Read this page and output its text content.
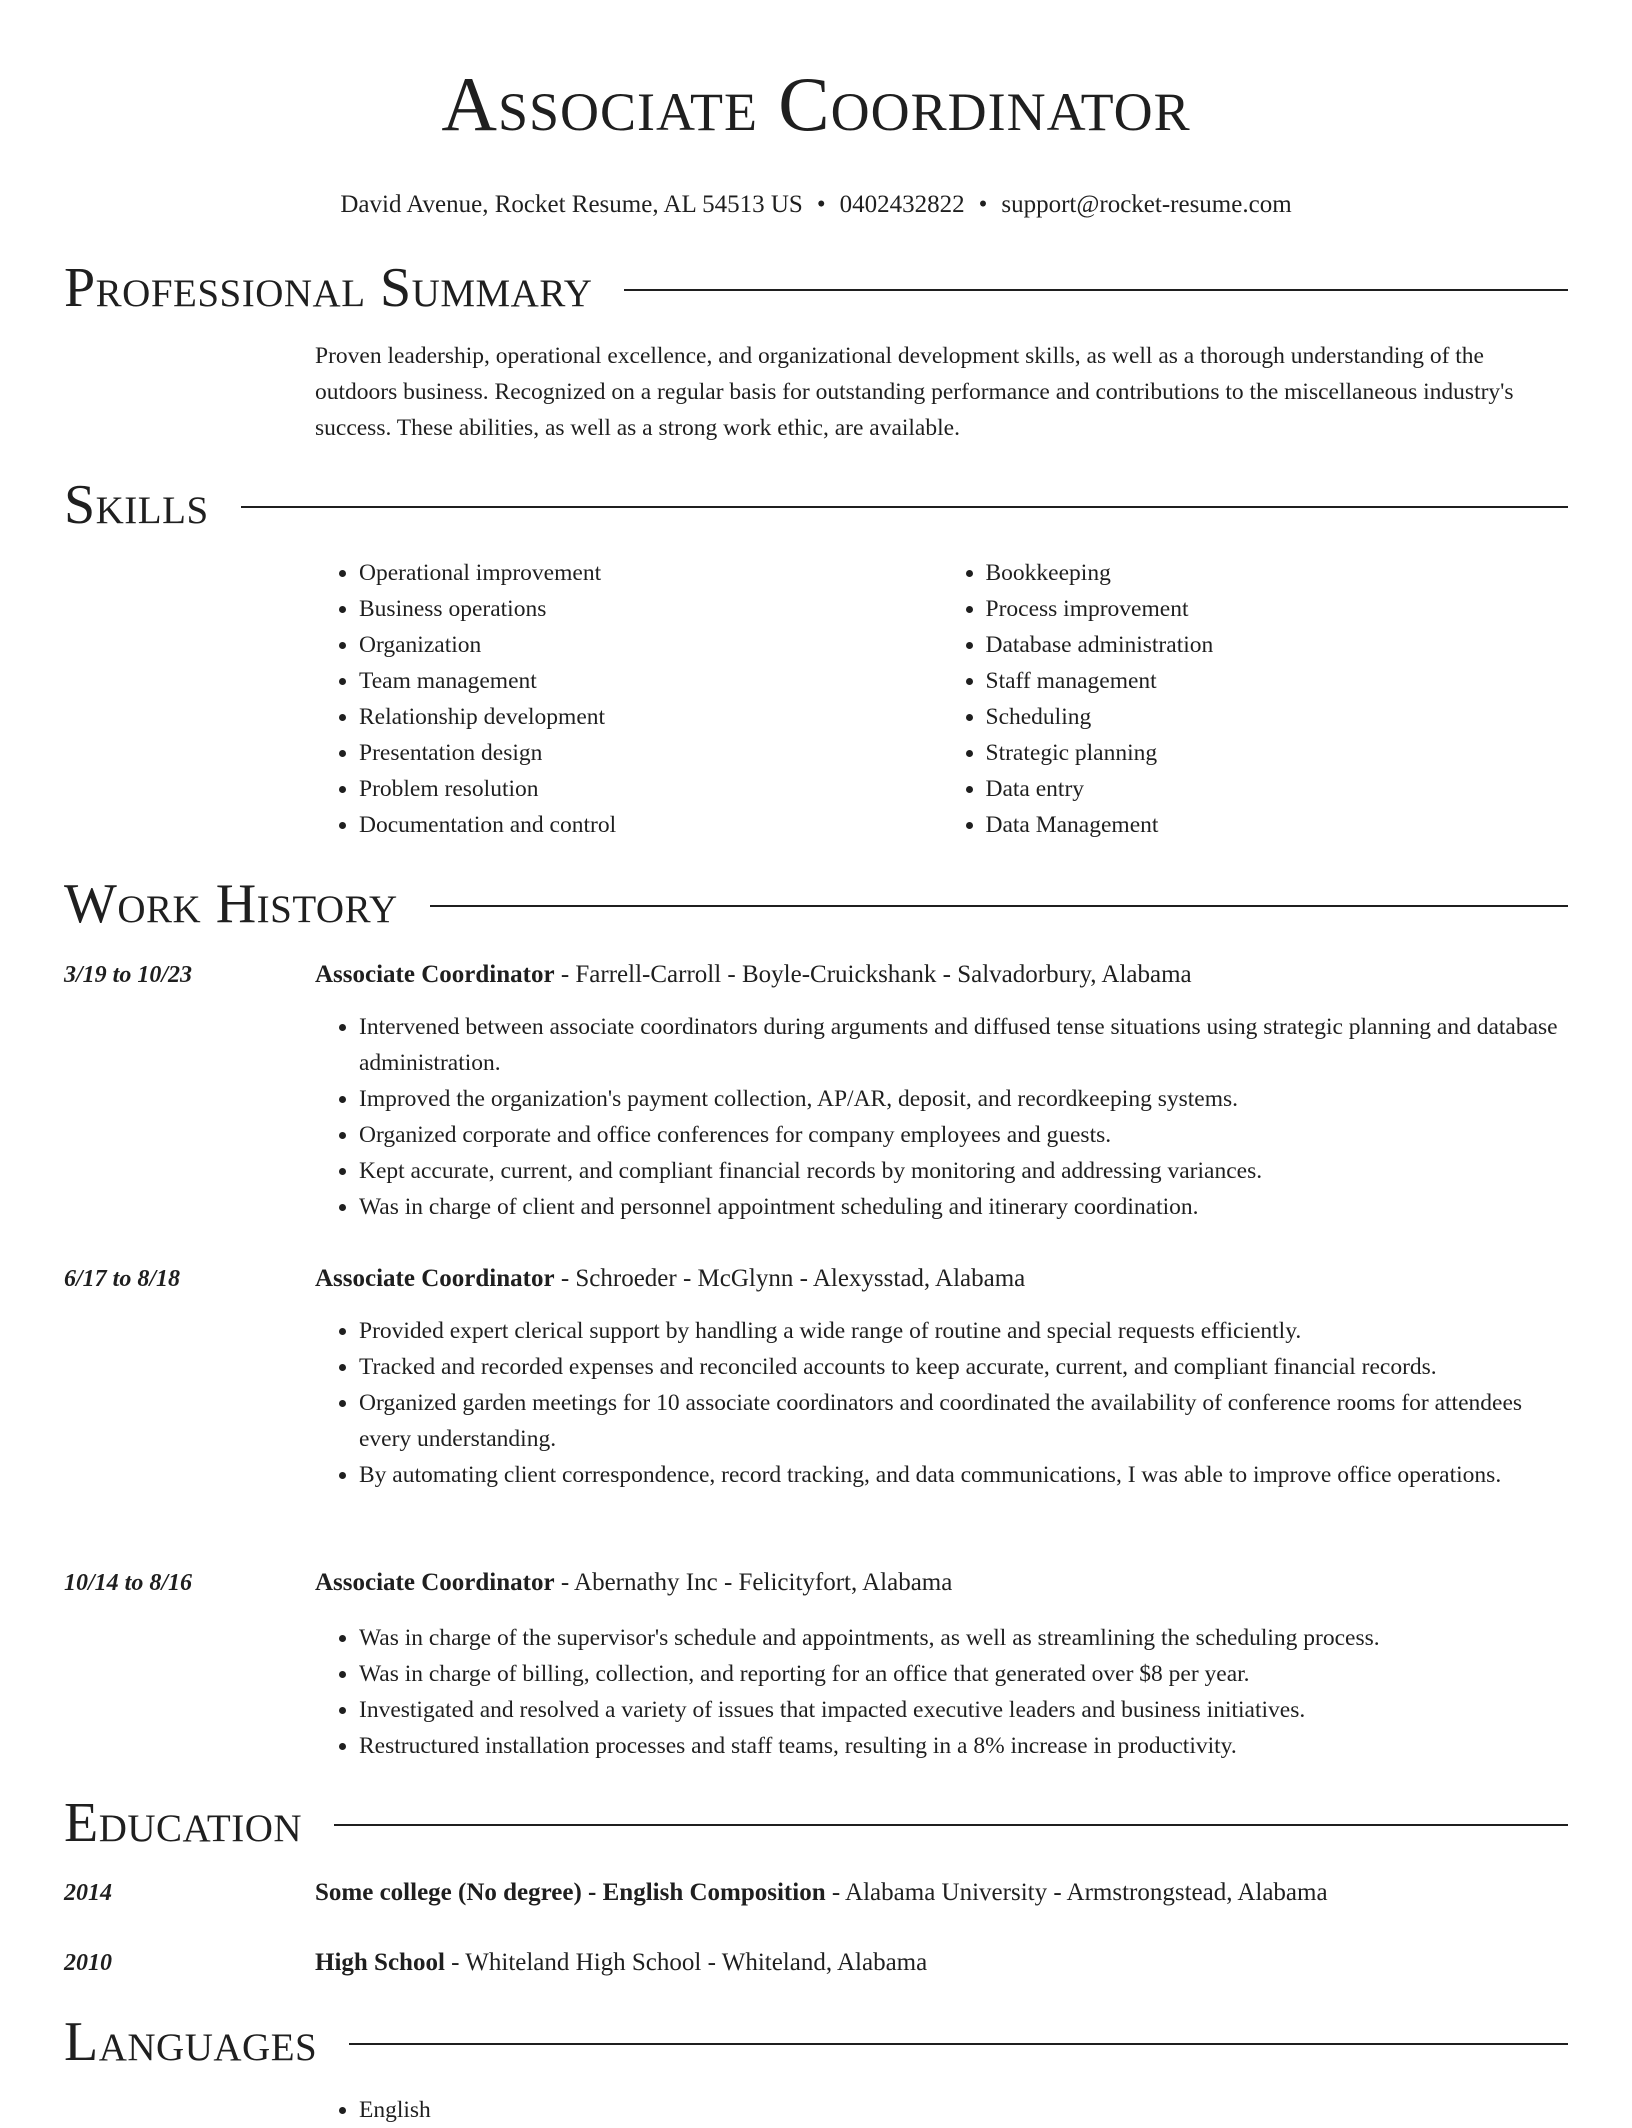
Associate Coordinator
David Avenue, Rocket Resume, AL 54513 US • 0402432822 • support@rocket-resume.com
Professional Summary

Proven leadership, operational excellence, and organizational development skills, as well as a thorough understanding of the outdoors business. Recognized on a regular basis for outstanding performance and contributions to the miscellaneous industry's success. These abilities, as well as a strong work ethic, are available.

Skills
• Operational improvement
• Business operations
• Organization
• Team management
• Relationship development
• Presentation design
• Problem resolution
• Documentation and control
• Bookkeeping
• Process improvement
• Database administration
• Staff management
• Scheduling
• Strategic planning
• Data entry
• Data Management
Work History
3/19 to 10/23	Associate Coordinator - Farrell-Carroll - Boyle-Cruickshank - Salvadorbury, Alabama
• Intervened between associate coordinators during arguments and diffused tense situations using strategic planning and database administration.
• Improved the organization's payment collection, AP/AR, deposit, and recordkeeping systems.
• Organized corporate and office conferences for company employees and guests.
• Kept accurate, current, and compliant financial records by monitoring and addressing variances.
• Was in charge of client and personnel appointment scheduling and itinerary coordination.
6/17 to 8/18	Associate Coordinator - Schroeder - McGlynn - Alexysstad, Alabama
• Provided expert clerical support by handling a wide range of routine and special requests efficiently.
• Tracked and recorded expenses and reconciled accounts to keep accurate, current, and compliant financial records.
• Organized garden meetings for 10 associate coordinators and coordinated the availability of conference rooms for attendees every understanding.
• By automating client correspondence, record tracking, and data communications, I was able to improve office operations.
10/14 to 8/16	Associate Coordinator - Abernathy Inc - Felicityfort, Alabama
• Was in charge of the supervisor's schedule and appointments, as well as streamlining the scheduling process.
• Was in charge of billing, collection, and reporting for an office that generated over $8 per year.
• Investigated and resolved a variety of issues that impacted executive leaders and business initiatives.
• Restructured installation processes and staff teams, resulting in a 8% increase in productivity.
Education
2014	Some college (No degree) - English Composition - Alabama University - Armstrongstead, Alabama
2010	High School - Whiteland High School - Whiteland, Alabama
Languages
• English
